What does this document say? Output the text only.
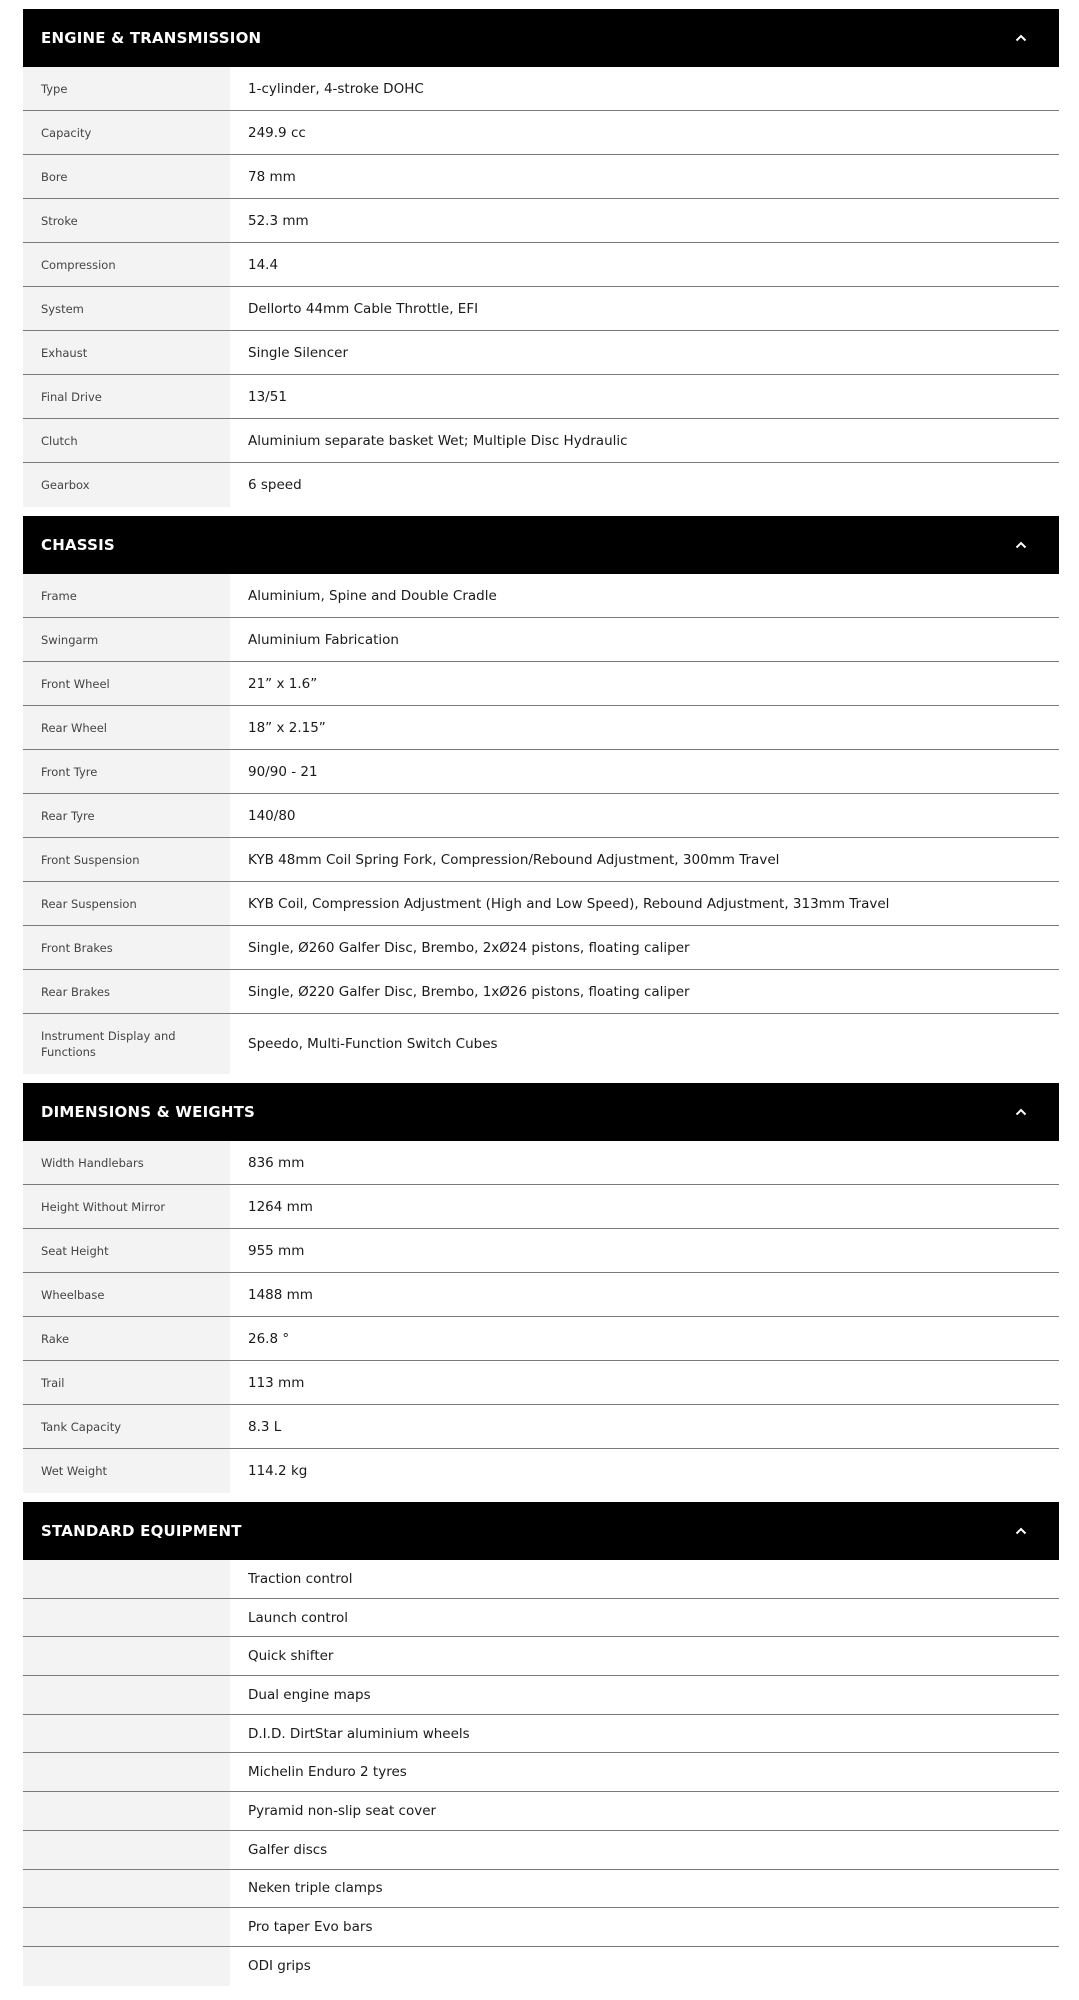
ENGINE & TRANSMISSION
Type	1-cylinder, 4-stroke DOHC
Capacity	249.9 cc
Bore	78 mm
Stroke	52.3 mm
Compression	14.4
System	Dellorto 44mm Cable Throttle, EFI
Exhaust	Single Silencer
Final Drive	13/51
Clutch	Aluminium separate basket Wet; Multiple Disc Hydraulic
Gearbox	6 speed
CHASSIS
Frame	Aluminium, Spine and Double Cradle
Swingarm	Aluminium Fabrication
Front Wheel	21” x 1.6”
Rear Wheel	18” x 2.15”
Front Tyre	90/90 - 21
Rear Tyre	140/80
Front Suspension	KYB 48mm Coil Spring Fork, Compression/Rebound Adjustment, 300mm Travel
Rear Suspension	KYB Coil, Compression Adjustment (High and Low Speed), Rebound Adjustment, 313mm Travel
Front Brakes	Single, Ø260 Galfer Disc, Brembo, 2xØ24 pistons, floating caliper
Rear Brakes	Single, Ø220 Galfer Disc, Brembo, 1xØ26 pistons, floating caliper
Instrument Display and Functions	Speedo, Multi-Function Switch Cubes
DIMENSIONS & WEIGHTS
Width Handlebars	836 mm
Height Without Mirror	1264 mm
Seat Height	955 mm
Wheelbase	1488 mm
Rake	26.8 °
Trail	113 mm
Tank Capacity	8.3 L
Wet Weight	114.2 kg
STANDARD EQUIPMENT
Traction control
Launch control
Quick shifter
Dual engine maps
D.I.D. DirtStar aluminium wheels
Michelin Enduro 2 tyres
Pyramid non-slip seat cover
Galfer discs
Neken triple clamps
Pro taper Evo bars
ODI grips
